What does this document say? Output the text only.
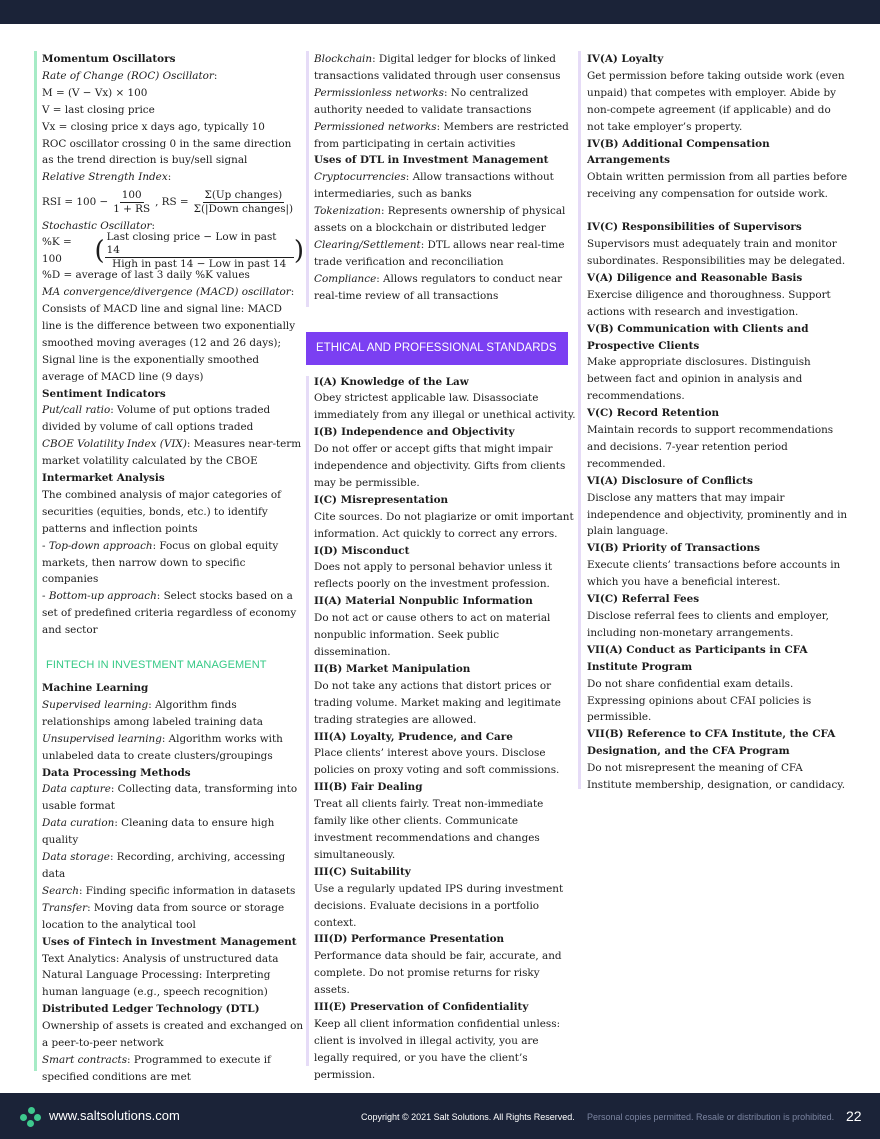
Momentum Oscillators

Rate of Change (ROC) Oscillator:

M = (V − Vx) × 100

V = last closing price

Vx = closing price x days ago, typically 10

ROC oscillator crossing 0 in the same direction as the trend direction is buy/sell signal

Relative Strength Index:

RSI = $100 - \frac{100}{1 + RS}$ , RS = $\frac{\text{Σ(Up changes)}}{\text{Σ(|Down changes|)}}$

Stochastic Oscillator:

%K = 100	( $\frac{\text{Last closing price − Low in past 14}}{\text{High in past 14 − Low in past 14}}$ )

%D = average of last 3 daily %K values

MA convergence/divergence (MACD) oscillator:

Consists of MACD line and signal line: MACD line is the difference between two exponentially smoothed moving averages (12 and 26 days); Signal line is the exponentially smoothed average of MACD line (9 days)

Sentiment Indicators

Put/call ratio: Volume of put options traded divided by volume of call options traded

CBOE Volatility Index (VIX): Measures near-term market volatility calculated by the CBOE

Intermarket Analysis

The combined analysis of major categories of securities (equities, bonds, etc.) to identify patterns and inflection points

- Top-down approach: Focus on global equity markets, then narrow down to specific companies

- Bottom-up approach: Select stocks based on a set of predefined criteria regardless of economy and sector

FINTECH IN INVESTMENT MANAGEMENT

Machine Learning

Supervised learning: Algorithm finds relationships among labeled training data

Unsupervised learning: Algorithm works with unlabeled data to create clusters/groupings

Data Processing Methods

Data capture: Collecting data, transforming into usable format

Data curation: Cleaning data to ensure high quality

Data storage: Recording, archiving, accessing data

Search: Finding specific information in datasets

Transfer: Moving data from source or storage location to the analytical tool

Uses of Fintech in Investment Management

Text Analytics: Analysis of unstructured data

Natural Language Processing: Interpreting human language (e.g., speech recognition)

Distributed Ledger Technology (DTL)

Ownership of assets is created and exchanged on a peer-to-peer network

Smart contracts: Programmed to execute if specified conditions are met

Blockchain: Digital ledger for blocks of linked transactions validated through user consensus

Permissionless networks: No centralized authority needed to validate transactions

Permissioned networks: Members are restricted from participating in certain activities

Uses of DTL in Investment Management

Cryptocurrencies: Allow transactions without intermediaries, such as banks

Tokenization: Represents ownership of physical assets on a blockchain or distributed ledger

Clearing/Settlement: DTL allows near real-time trade verification and reconciliation

Compliance: Allows regulators to conduct near real-time review of all transactions

ETHICAL AND PROFESSIONAL STANDARDS

I(A) Knowledge of the Law

Obey strictest applicable law. Disassociate immediately from any illegal or unethical activity.

I(B) Independence and Objectivity

Do not offer or accept gifts that might impair independence and objectivity. Gifts from clients may be permissible.

I(C) Misrepresentation

Cite sources. Do not plagiarize or omit important information. Act quickly to correct any errors.

I(D) Misconduct

Does not apply to personal behavior unless it reflects poorly on the investment profession.

II(A) Material Nonpublic Information

Do not act or cause others to act on material nonpublic information. Seek public dissemination.

II(B) Market Manipulation

Do not take any actions that distort prices or trading volume. Market making and legitimate trading strategies are allowed.

III(A) Loyalty, Prudence, and Care

Place clients’ interest above yours. Disclose policies on proxy voting and soft commissions.

III(B) Fair Dealing

Treat all clients fairly. Treat non-immediate family like other clients. Communicate investment recommendations and changes simultaneously.

III(C) Suitability

Use a regularly updated IPS during investment decisions. Evaluate decisions in a portfolio context.

III(D) Performance Presentation

Performance data should be fair, accurate, and complete. Do not promise returns for risky assets.

III(E) Preservation of Confidentiality

Keep all client information confidential unless: client is involved in illegal activity, you are legally required, or you have the client’s permission.

IV(A) Loyalty

Get permission before taking outside work (even unpaid) that competes with employer. Abide by non-compete agreement (if applicable) and do not take employer’s property.

IV(B) Additional Compensation Arrangements

Obtain written permission from all parties before receiving any compensation for outside work.

IV(C) Responsibilities of Supervisors

Supervisors must adequately train and monitor subordinates. Responsibilities may be delegated.

V(A) Diligence and Reasonable Basis

Exercise diligence and thoroughness. Support actions with research and investigation.

V(B) Communication with Clients and Prospective Clients

Make appropriate disclosures. Distinguish between fact and opinion in analysis and recommendations.

V(C) Record Retention

Maintain records to support recommendations and decisions. 7-year retention period recommended.

VI(A) Disclosure of Conflicts

Disclose any matters that may impair independence and objectivity, prominently and in plain language.

VI(B) Priority of Transactions

Execute clients’ transactions before accounts in which you have a beneficial interest.

VI(C) Referral Fees

Disclose referral fees to clients and employer, including non-monetary arrangements.

VII(A) Conduct as Participants in CFA Institute Program

Do not share confidential exam details. Expressing opinions about CFAI policies is permissible.

VII(B) Reference to CFA Institute, the CFA Designation, and the CFA Program

Do not misrepresent the meaning of CFA Institute membership, designation, or candidacy.

www.saltsolutions.com	Copyright © 2021 Salt Solutions. All Rights Reserved. Personal copies permitted. Resale or distribution is prohibited. 22
